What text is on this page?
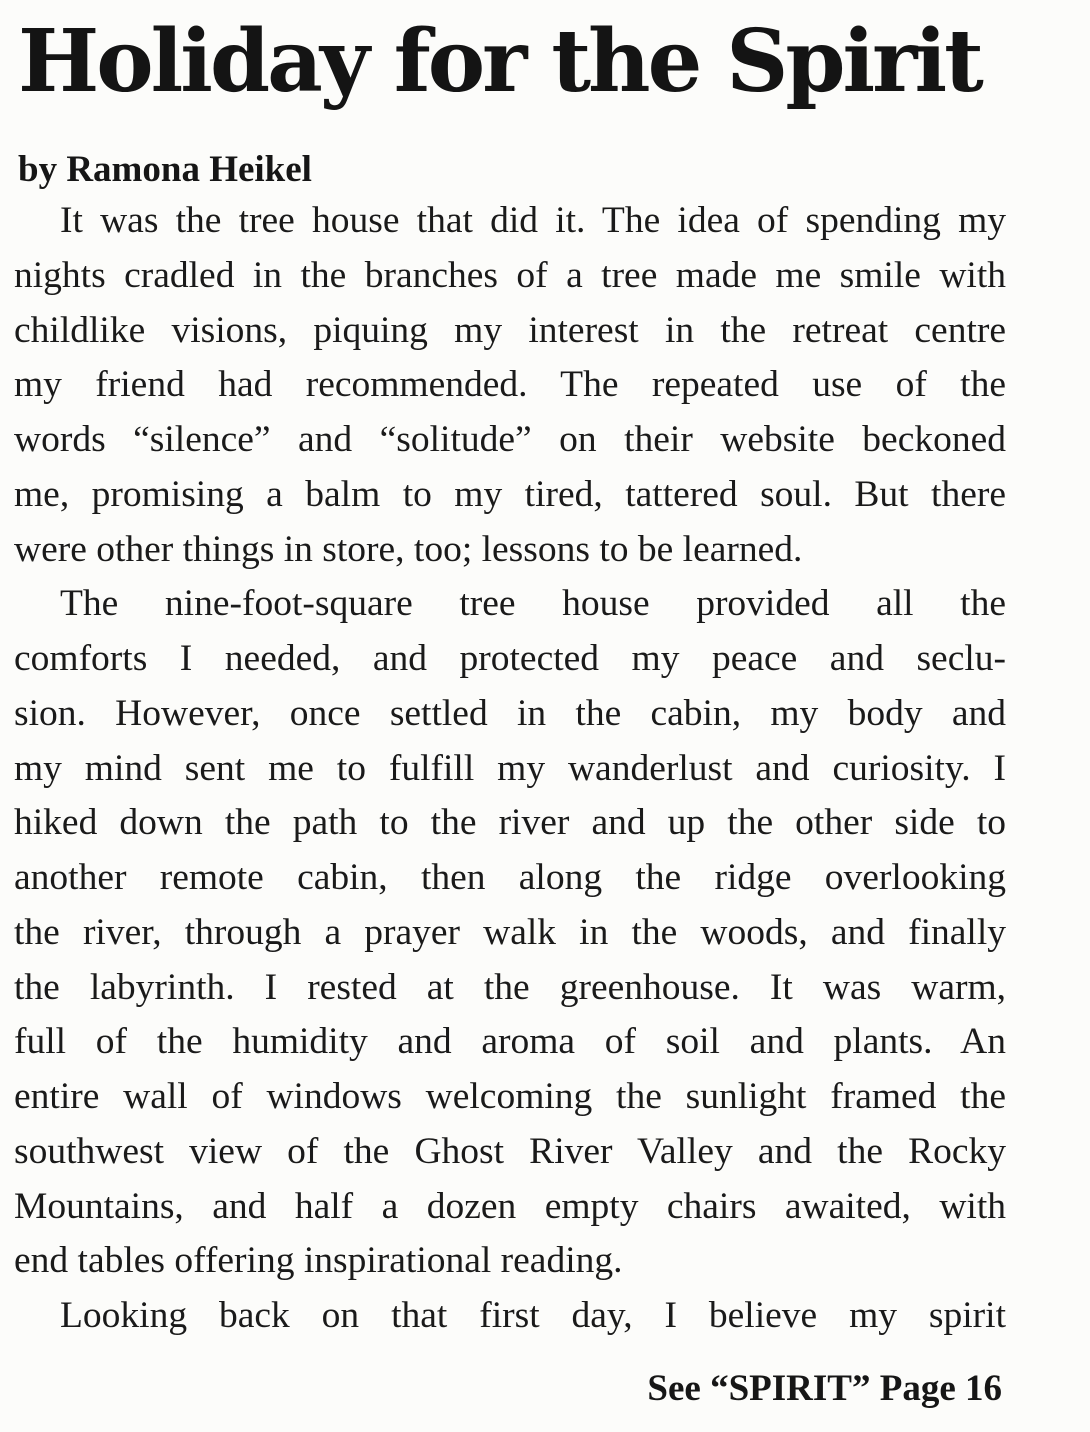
Holiday for the Spirit

by Ramona Heikel

It was the tree house that did it. The idea of spending my
nights cradled in the branches of a tree made me smile with
childlike visions, piquing my interest in the retreat centre
my friend had recommended. The repeated use of the
words “silence” and “solitude” on their website beckoned
me, promising a balm to my tired, tattered soul. But there
were other things in store, too; lessons to be learned.
The nine-foot-square tree house provided all the
comforts I needed, and protected my peace and seclu-
sion. However, once settled in the cabin, my body and
my mind sent me to fulfill my wanderlust and curiosity. I
hiked down the path to the river and up the other side to
another remote cabin, then along the ridge overlooking
the river, through a prayer walk in the woods, and finally
the labyrinth. I rested at the greenhouse. It was warm,
full of the humidity and aroma of soil and plants. An
entire wall of windows welcoming the sunlight framed the
southwest view of the Ghost River Valley and the Rocky
Mountains, and half a dozen empty chairs awaited, with
end tables offering inspirational reading.
Looking back on that first day, I believe my spirit

See “SPIRIT” Page 16
